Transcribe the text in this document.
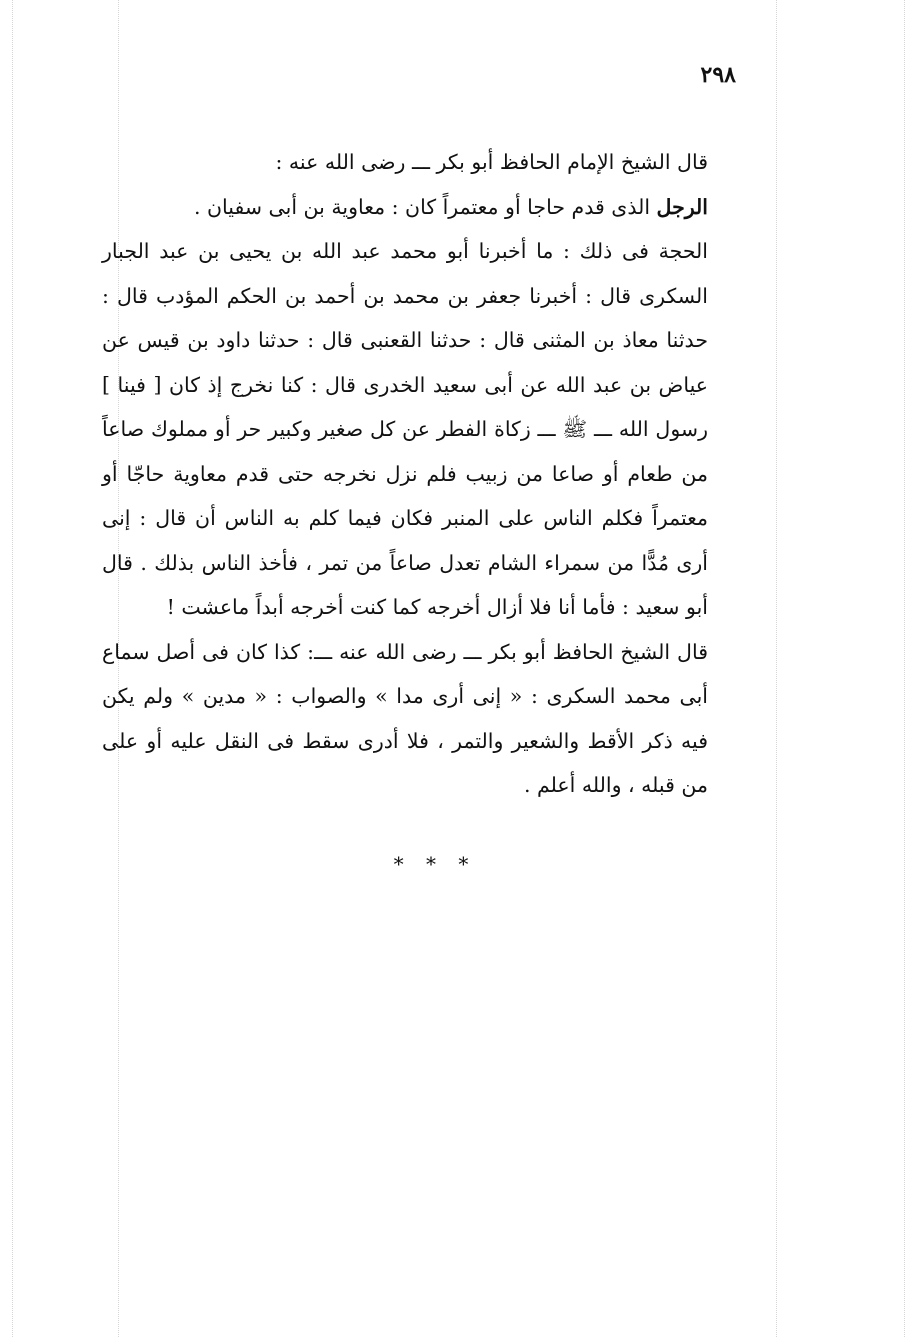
٢٩٨

قال الشيخ الإمام الحافظ أبو بكر ـــ رضى الله عنه :

الرجل الذى قدم حاجا أو معتمراً كان : معاوية بن أبى سفيان .

الحجة فى ذلك : ما أخبرنا أبو محمد عبد الله بن يحيى بن عبد الجبار السكرى قال : أخبرنا جعفر بن محمد بن أحمد بن الحكم المؤدب قال : حدثنا معاذ بن المثنى قال : حدثنا القعنبى قال : حدثنا داود بن قيس عن عياض بن عبد الله عن أبى سعيد الخدرى قال : كنا نخرج إذ كان [ فينا ] رسول الله ـــ ﷺ ـــ زكاة الفطر عن كل صغير وكبير حر أو مملوك صاعاً من طعام أو صاعا من زبيب فلم نزل نخرجه حتى قدم معاوية حاجّا أو معتمراً فكلم الناس على المنبر فكان فيما كلم به الناس أن قال : إنى أرى مُدًّا من سمراء الشام تعدل صاعاً من تمر ، فأخذ الناس بذلك . قال أبو سعيد : فأما أنا فلا أزال أخرجه كما كنت أخرجه أبداً ماعشت !

قال الشيخ الحافظ أبو بكر ـــ رضى الله عنه ـــ: كذا كان فى أصل سماع أبى محمد السكرى : « إنى أرى مدا » والصواب : « مدين » ولم يكن فيه ذكر الأقط والشعير والتمر ، فلا أدرى سقط فى النقل عليه أو على من قبله ، والله أعلم .

* * *
